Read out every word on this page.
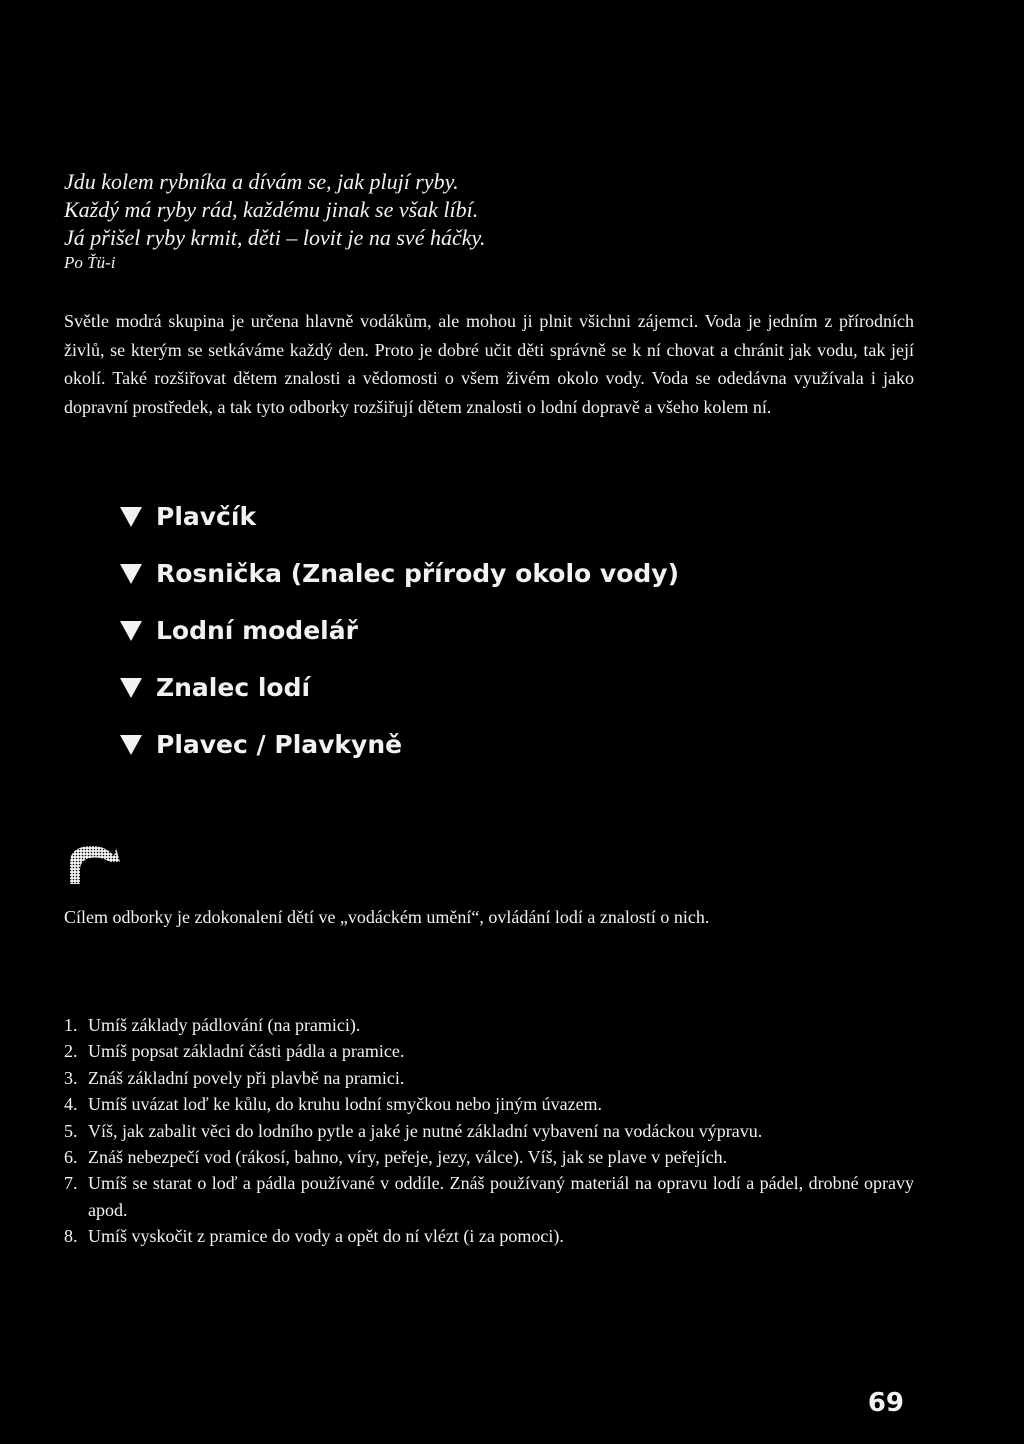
Jdu kolem rybníka a dívám se, jak plují ryby.
Každý má ryby rád, každému jinak se však líbí.
Já přišel ryby krmit, děti – lovit je na své háčky.
Po Ťü-i

Světle modrá skupina je určena hlavně vodákům, ale mohou ji plnit všichni zájemci. Voda je jedním z přírodních živlů, se kterým se setkáváme každý den. Proto je dobré učit děti správně se k ní chovat a chránit jak vodu, tak její okolí. Také rozšiřovat dětem znalosti a vědomosti o všem živém okolo vody. Voda se odedávna využívala i jako dopravní prostředek, a tak tyto odborky rozšiřují dětem znalosti o lodní dopravě a všeho kolem ní.

Plavčík
Rosnička (Znalec přírody okolo vody)
Lodní modelář
Znalec lodí
Plavec / Plavkyně

Cílem odborky je zdokonalení dětí ve „vodáckém umění“, ovládání lodí a znalostí o nich.

1. Umíš základy pádlování (na pramici).
2. Umíš popsat základní části pádla a pramice.
3. Znáš základní povely při plavbě na pramici.
4. Umíš uvázat loď ke kůlu, do kruhu lodní smyčkou nebo jiným úvazem.
5. Víš, jak zabalit věci do lodního pytle a jaké je nutné základní vybavení na vodáckou výpravu.
6. Znáš nebezpečí vod (rákosí, bahno, víry, peřeje, jezy, válce). Víš, jak se plave v peřejích.
7. Umíš se starat o loď a pádla používané v oddíle. Znáš používaný materiál na opravu lodí a pádel, drobné opravy apod.
8. Umíš vyskočit z pramice do vody a opět do ní vlézt (i za pomoci).
69
